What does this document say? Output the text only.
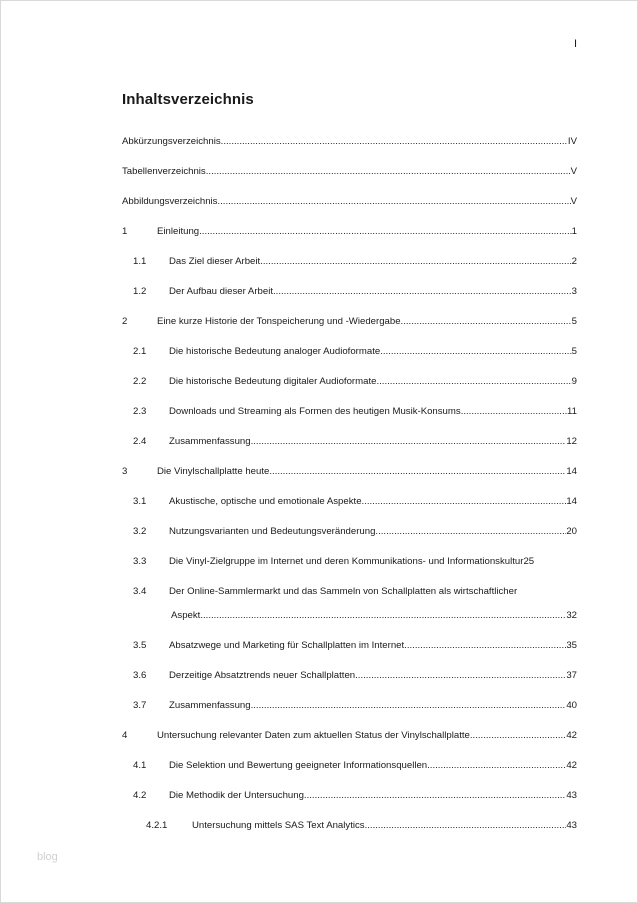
I
Inhaltsverzeichnis
Abkürzungsverzeichnis .....	IV
Tabellenverzeichnis .....	V
Abbildungsverzeichnis .....	V
1	Einleitung .....	1
1.1 Das Ziel dieser Arbeit .....	2
1.2 Der Aufbau dieser Arbeit .....	3
2	Eine kurze Historie der Tonspeicherung und -Wiedergabe .....	5
2.1 Die historische Bedeutung analoger Audioformate .....	5
2.2 Die historische Bedeutung digitaler Audioformate .....	9
2.3 Downloads und Streaming als Formen des heutigen Musik-Konsums .....	11
2.4 Zusammenfassung .....	12
3	Die Vinylschallplatte heute .....	14
3.1 Akustische, optische und emotionale Aspekte .....	14
3.2 Nutzungsvarianten und Bedeutungsveränderung .....	20
3.3 Die Vinyl-Zielgruppe im Internet und deren Kommunikations- und Informationskultur 25
3.4 Der Online-Sammlermarkt und das Sammeln von Schallplatten als wirtschaftlicher
Aspekt .....	32
3.5 Absatzwege und Marketing für Schallplatten im Internet .....	35
3.6 Derzeitige Absatztrends neuer Schallplatten .....	37
3.7 Zusammenfassung .....	40
4	Untersuchung relevanter Daten zum aktuellen Status der Vinylschallplatte .....	42
4.1 Die Selektion und Bewertung geeigneter Informationsquellen .....	42
4.2 Die Methodik der Untersuchung .....	43
4.2.1	Untersuchung mittels SAS Text Analytics .....	43
blog
